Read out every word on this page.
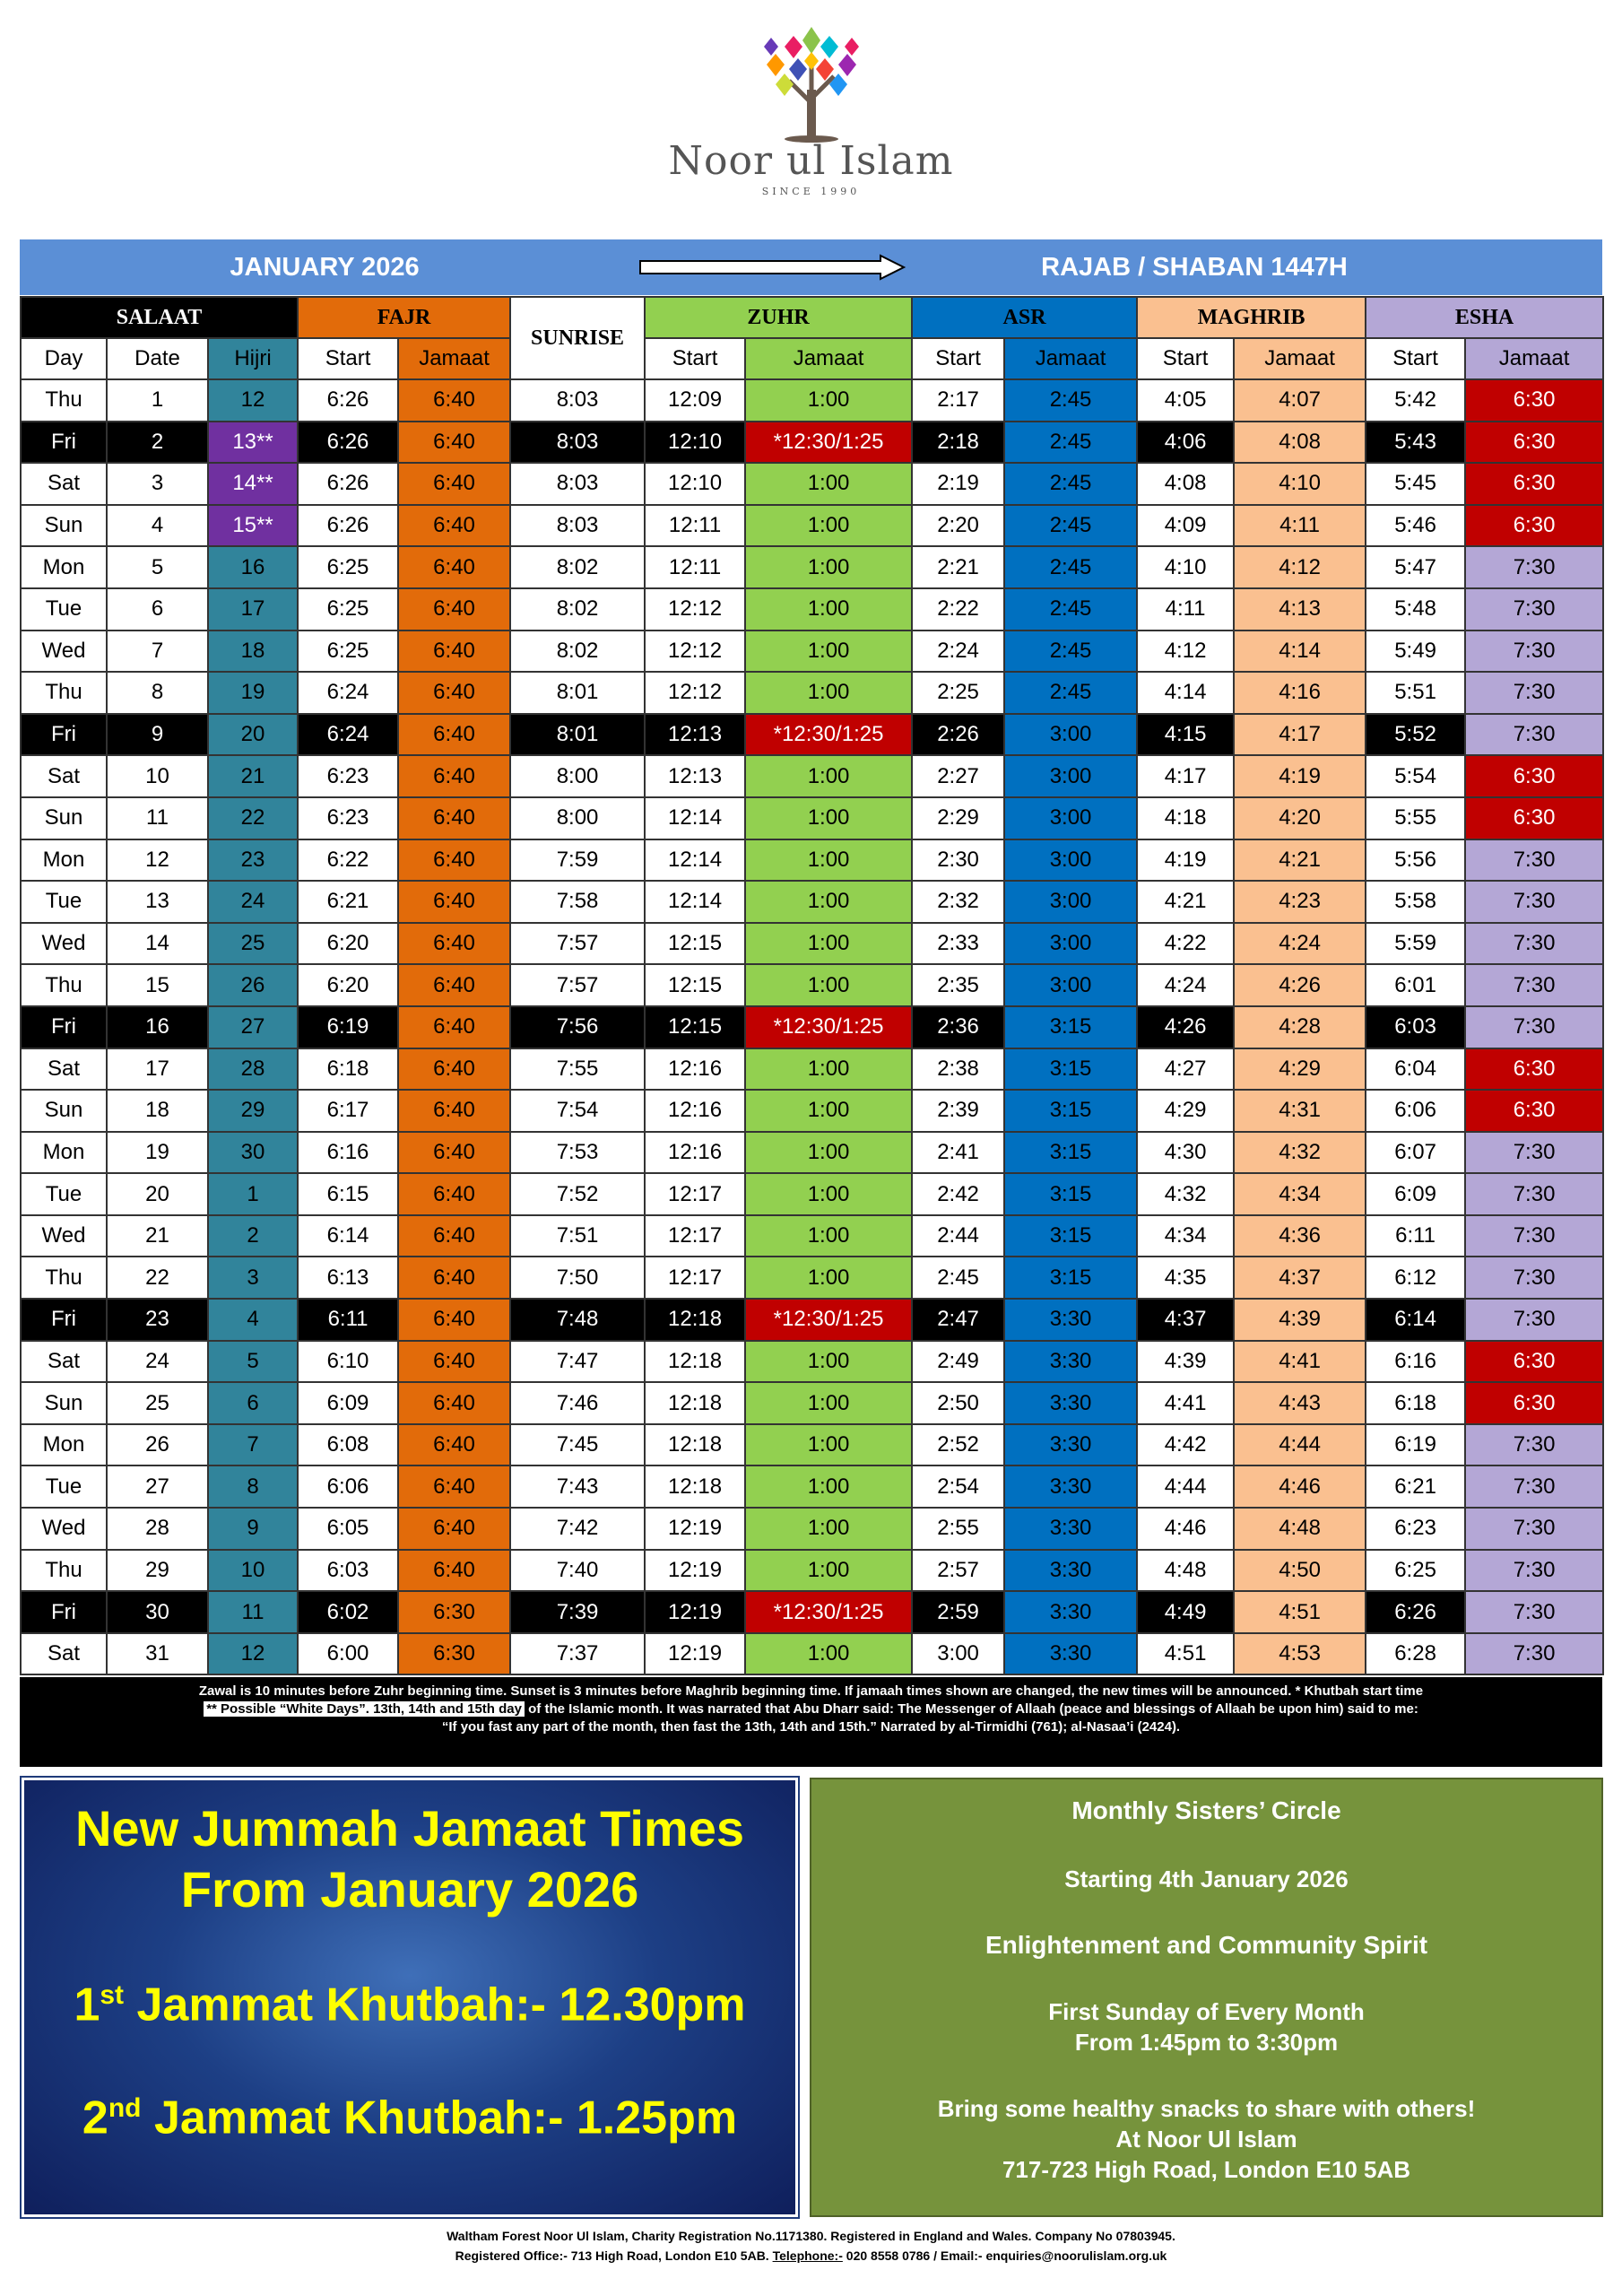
Noor ul Islam
SINCE 1990
JANUARY 2026	RAJAB / SHABAN 1447H
SALAAT			FAJR		SUNRISE	ZUHR		ASR		MAGHRIB		ESHA	
Day	Date	Hijri	Start	Jamaat		Start	Jamaat	Start	Jamaat	Start	Jamaat	Start	Jamaat
Thu	1	12	6:26	6:40	8:03	12:09	1:00	2:17	2:45	4:05	4:07	5:42	6:30
Fri	2	13**	6:26	6:40	8:03	12:10	*12:30/1:25	2:18	2:45	4:06	4:08	5:43	6:30
Sat	3	14**	6:26	6:40	8:03	12:10	1:00	2:19	2:45	4:08	4:10	5:45	6:30
Sun	4	15**	6:26	6:40	8:03	12:11	1:00	2:20	2:45	4:09	4:11	5:46	6:30
Mon	5	16	6:25	6:40	8:02	12:11	1:00	2:21	2:45	4:10	4:12	5:47	7:30
Tue	6	17	6:25	6:40	8:02	12:12	1:00	2:22	2:45	4:11	4:13	5:48	7:30
Wed	7	18	6:25	6:40	8:02	12:12	1:00	2:24	2:45	4:12	4:14	5:49	7:30
Thu	8	19	6:24	6:40	8:01	12:12	1:00	2:25	2:45	4:14	4:16	5:51	7:30
Fri	9	20	6:24	6:40	8:01	12:13	*12:30/1:25	2:26	3:00	4:15	4:17	5:52	7:30
Sat	10	21	6:23	6:40	8:00	12:13	1:00	2:27	3:00	4:17	4:19	5:54	6:30
Sun	11	22	6:23	6:40	8:00	12:14	1:00	2:29	3:00	4:18	4:20	5:55	6:30
Mon	12	23	6:22	6:40	7:59	12:14	1:00	2:30	3:00	4:19	4:21	5:56	7:30
Tue	13	24	6:21	6:40	7:58	12:14	1:00	2:32	3:00	4:21	4:23	5:58	7:30
Wed	14	25	6:20	6:40	7:57	12:15	1:00	2:33	3:00	4:22	4:24	5:59	7:30
Thu	15	26	6:20	6:40	7:57	12:15	1:00	2:35	3:00	4:24	4:26	6:01	7:30
Fri	16	27	6:19	6:40	7:56	12:15	*12:30/1:25	2:36	3:15	4:26	4:28	6:03	7:30
Sat	17	28	6:18	6:40	7:55	12:16	1:00	2:38	3:15	4:27	4:29	6:04	6:30
Sun	18	29	6:17	6:40	7:54	12:16	1:00	2:39	3:15	4:29	4:31	6:06	6:30
Mon	19	30	6:16	6:40	7:53	12:16	1:00	2:41	3:15	4:30	4:32	6:07	7:30
Tue	20	1	6:15	6:40	7:52	12:17	1:00	2:42	3:15	4:32	4:34	6:09	7:30
Wed	21	2	6:14	6:40	7:51	12:17	1:00	2:44	3:15	4:34	4:36	6:11	7:30
Thu	22	3	6:13	6:40	7:50	12:17	1:00	2:45	3:15	4:35	4:37	6:12	7:30
Fri	23	4	6:11	6:40	7:48	12:18	*12:30/1:25	2:47	3:30	4:37	4:39	6:14	7:30
Sat	24	5	6:10	6:40	7:47	12:18	1:00	2:49	3:30	4:39	4:41	6:16	6:30
Sun	25	6	6:09	6:40	7:46	12:18	1:00	2:50	3:30	4:41	4:43	6:18	6:30
Mon	26	7	6:08	6:40	7:45	12:18	1:00	2:52	3:30	4:42	4:44	6:19	7:30
Tue	27	8	6:06	6:40	7:43	12:18	1:00	2:54	3:30	4:44	4:46	6:21	7:30
Wed	28	9	6:05	6:40	7:42	12:19	1:00	2:55	3:30	4:46	4:48	6:23	7:30
Thu	29	10	6:03	6:40	7:40	12:19	1:00	2:57	3:30	4:48	4:50	6:25	7:30
Fri	30	11	6:02	6:30	7:39	12:19	*12:30/1:25	2:59	3:30	4:49	4:51	6:26	7:30
Sat	31	12	6:00	6:30	7:37	12:19	1:00	3:00	3:30	4:51	4:53	6:28	7:30
Zawal is 10 minutes before Zuhr beginning time. Sunset is 3 minutes before Maghrib beginning time. If jamaah times shown are changed, the new times will be announced. * Khutbah start time
** Possible “White Days”. 13th, 14th and 15th day of the Islamic month. It was narrated that Abu Dharr said: The Messenger of Allaah (peace and blessings of Allaah be upon him) said to me:
“If you fast any part of the month, then fast the 13th, 14th and 15th.” Narrated by al-Tirmidhi (761); al-Nasaa’i (2424).
New Jummah Jamaat Times
From January 2026
1st Jammat Khutbah:- 12.30pm
2nd Jammat Khutbah:- 1.25pm
Monthly Sisters’ Circle
Starting 4th January 2026
Enlightenment and Community Spirit
First Sunday of Every Month
From 1:45pm to 3:30pm
Bring some healthy snacks to share with others!
At Noor Ul Islam
717-723 High Road, London E10 5AB
Waltham Forest Noor Ul Islam, Charity Registration No.1171380. Registered in England and Wales. Company No 07803945.
Registered Office:- 713 High Road, London E10 5AB. Telephone:- 020 8558 0786 / Email:- enquiries@noorulislam.org.uk
